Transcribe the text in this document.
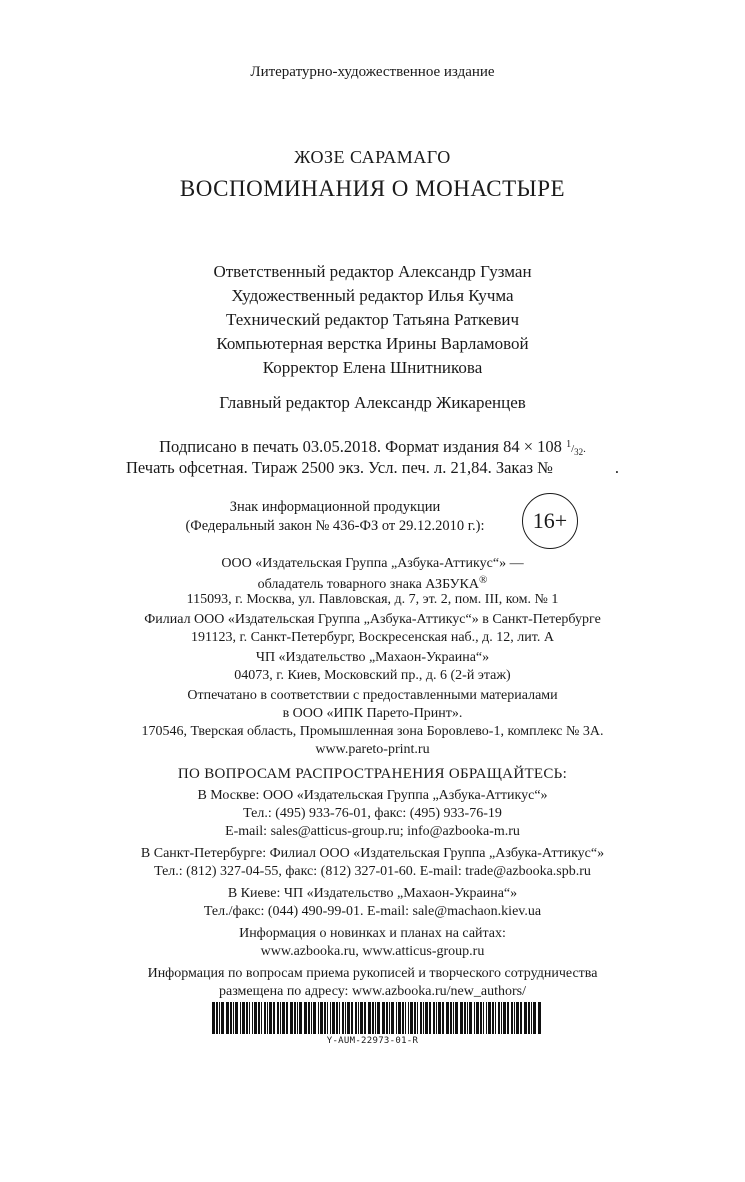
Литературно-художественное издание
ЖОЗЕ САРАМАГО
ВОСПОМИНАНИЯ О МОНАСТЫРЕ
Ответственный редактор Александр Гузман
Художественный редактор Илья Кучма
Технический редактор Татьяна Раткевич
Компьютерная верстка Ирины Варламовой
Корректор Елена Шнитникова
Главный редактор Александр Жикаренцев
Подписано в печать 03.05.2018. Формат издания 84 × 108 $^1/_{32}$.
Печать офсетная. Тираж 2500 экз. Усл. печ. л. 21,84. Заказ №	.
Знак информационной продукции
(Федеральный закон № 436-ФЗ от 29.12.2010 г.):	16+
ООО «Издательская Группа „Азбука-Аттикус“» —
обладатель товарного знака АЗБУКА®
115093, г. Москва, ул. Павловская, д. 7, эт. 2, пом. III, ком. № 1
Филиал ООО «Издательская Группа „Азбука-Аттикус“» в Санкт-Петербурге
191123, г. Санкт-Петербург, Воскресенская наб., д. 12, лит. А
ЧП «Издательство „Махаон-Украина“»
04073, г. Киев, Московский пр., д. 6 (2-й этаж)
Отпечатано в соответствии с предоставленными материалами
в ООО «ИПК Парето-Принт».
170546, Тверская область, Промышленная зона Боровлево-1, комплекс № 3А.
www.pareto-print.ru
ПО ВОПРОСАМ РАСПРОСТРАНЕНИЯ ОБРАЩАЙТЕСЬ:
В Москве: ООО «Издательская Группа „Азбука-Аттикус“»
Тел.: (495) 933-76-01, факс: (495) 933-76-19
E-mail: sales@atticus-group.ru; info@azbooka-m.ru
В Санкт-Петербурге: Филиал ООО «Издательская Группа „Азбука-Аттикус“»
Тел.: (812) 327-04-55, факс: (812) 327-01-60. E-mail: trade@azbooka.spb.ru
В Киеве: ЧП «Издательство „Махаон-Украина“»
Тел./факс: (044) 490-99-01. E-mail: sale@machaon.kiev.ua
Информация о новинках и планах на сайтах:
www.azbooka.ru, www.atticus-group.ru
Информация по вопросам приема рукописей и творческого сотрудничества
размещена по адресу: www.azbooka.ru/new_authors/
Y-AUM-22973-01-R
